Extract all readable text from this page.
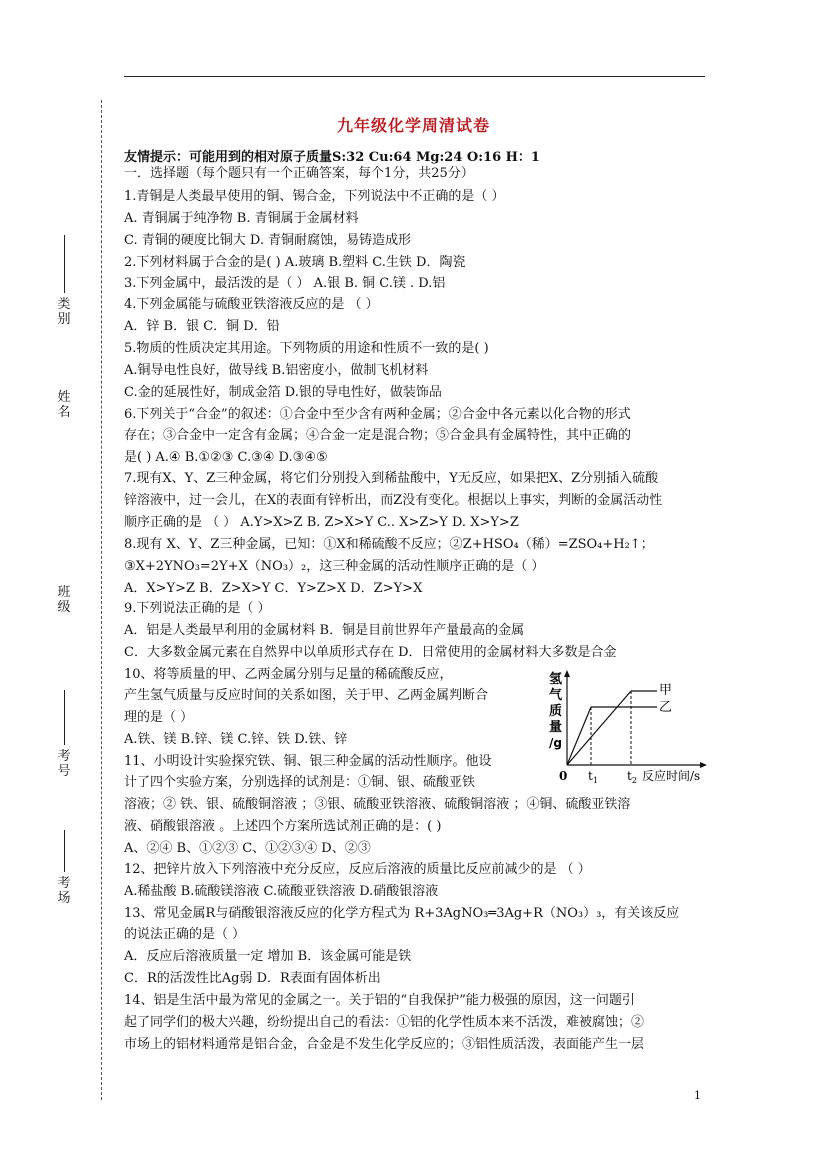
类别
姓名
班级
考号
考场
九年级化学周清试卷
友情提示：可能用到的相对原子质量S:32 Cu:64 Mg:24 O:16 H：1
一．选择题（每个题只有一个正确答案，每个1分，共25分）
1.青铜是人类最早使用的铜、锡合金，下列说法中不正确的是（ ）
A. 青铜属于纯净物 B. 青铜属于金属材料
C. 青铜的硬度比铜大 D. 青铜耐腐蚀，易铸造成形
2.下列材料属于合金的是( ) A.玻璃 B.塑料 C.生铁 D．陶瓷
3.下列金属中，最活泼的是（ ） A.银 B. 铜 C.镁 . D.铝
4.下列金属能与硫酸亚铁溶液反应的是 （ ）
A．锌 B．银 C．铜 D．铅
5.物质的性质决定其用途。下列物质的用途和性质不一致的是( )
A.铜导电性良好，做导线 B.铝密度小，做制飞机材料
C.金的延展性好，制成金箔 D.银的导电性好，做装饰品
6.下列关于“合金”的叙述：①合金中至少含有两种金属；②合金中各元素以化合物的形式
存在；③合金中一定含有金属；④合金一定是混合物；⑤合金具有金属特性，其中正确的
是( ) A.④ B.①②③ C.③④ D.③④⑤
7.现有X、Y、Z三种金属，将它们分别投入到稀盐酸中，Y无反应，如果把X、Z分别插入硫酸
锌溶液中，过一会儿，在X的表面有锌析出，而Z没有变化。根据以上事实，判断的金属活动性
顺序正确的是 （ ） A.Y>X>Z B. Z>X>Y C.. X>Z>Y D. X>Y>Z
8.现有 X、Y、Z三种金属，已知：①X和稀硫酸不反应；②Z+HSO₄（稀）=ZSO₄+H₂↑；
③X+2YNO₃=2Y+X（NO₃）₂，这三种金属的活动性顺序正确的是（ ）
A．X>Y>Z B．Z>X>Y C．Y>Z>X D．Z>Y>X
9.下列说法正确的是（ ）
A．铝是人类最早利用的金属材料 B．铜是目前世界年产量最高的金属
C．大多数金属元素在自然界中以单质形式存在 D．日常使用的金属材料大多数是合金
10、将等质量的甲、乙两金属分别与足量的稀硫酸反应，
产生氢气质量与反应时间的关系如图，关于甲、乙两金属判断合
理的是（ ）
A.铁、镁 B.锌、镁 C.锌、铁 D.铁、锌
11、小明设计实验探究铁、铜、银三种金属的活动性顺序。他设
计了四个实验方案，分别选择的试剂是：①铜、银、硫酸亚铁
溶液；② 铁、银、硫酸铜溶液 ；③银、硫酸亚铁溶液、硫酸铜溶液 ；④铜、硫酸亚铁溶
液、硝酸银溶液 。上述四个方案所选试剂正确的是：( )
A、②④ B、①②③ C、①②③④ D、②③
12、把锌片放入下列溶液中充分反应，反应后溶液的质量比反应前减少的是 （ ）
A.稀盐酸 B.硫酸镁溶液 C.硫酸亚铁溶液 D.硝酸银溶液
13、常见金属R与硝酸银溶液反应的化学方程式为 R+3AgNO₃═3Ag+R（NO₃）₃，有关该反应
的说法正确的是（ ）
A．反应后溶液质量一定 增加 B．该金属可能是铁
C．R的活泼性比Ag弱 D．R表面有固体析出
14、铝是生活中最为常见的金属之一。关于铝的“自我保护”能力极强的原因，这一问题引
起了同学们的极大兴趣，纷纷提出自己的看法：①铝的化学性质本来不活泼，难被腐蚀；②
市场上的铝材料通常是铝合金，合金是不发生化学反应的；③铝性质活泼，表面能产生一层
氢
气
质
量
/g
甲
乙
0 $t_1$ $t_2$ 反应时间/s
1
